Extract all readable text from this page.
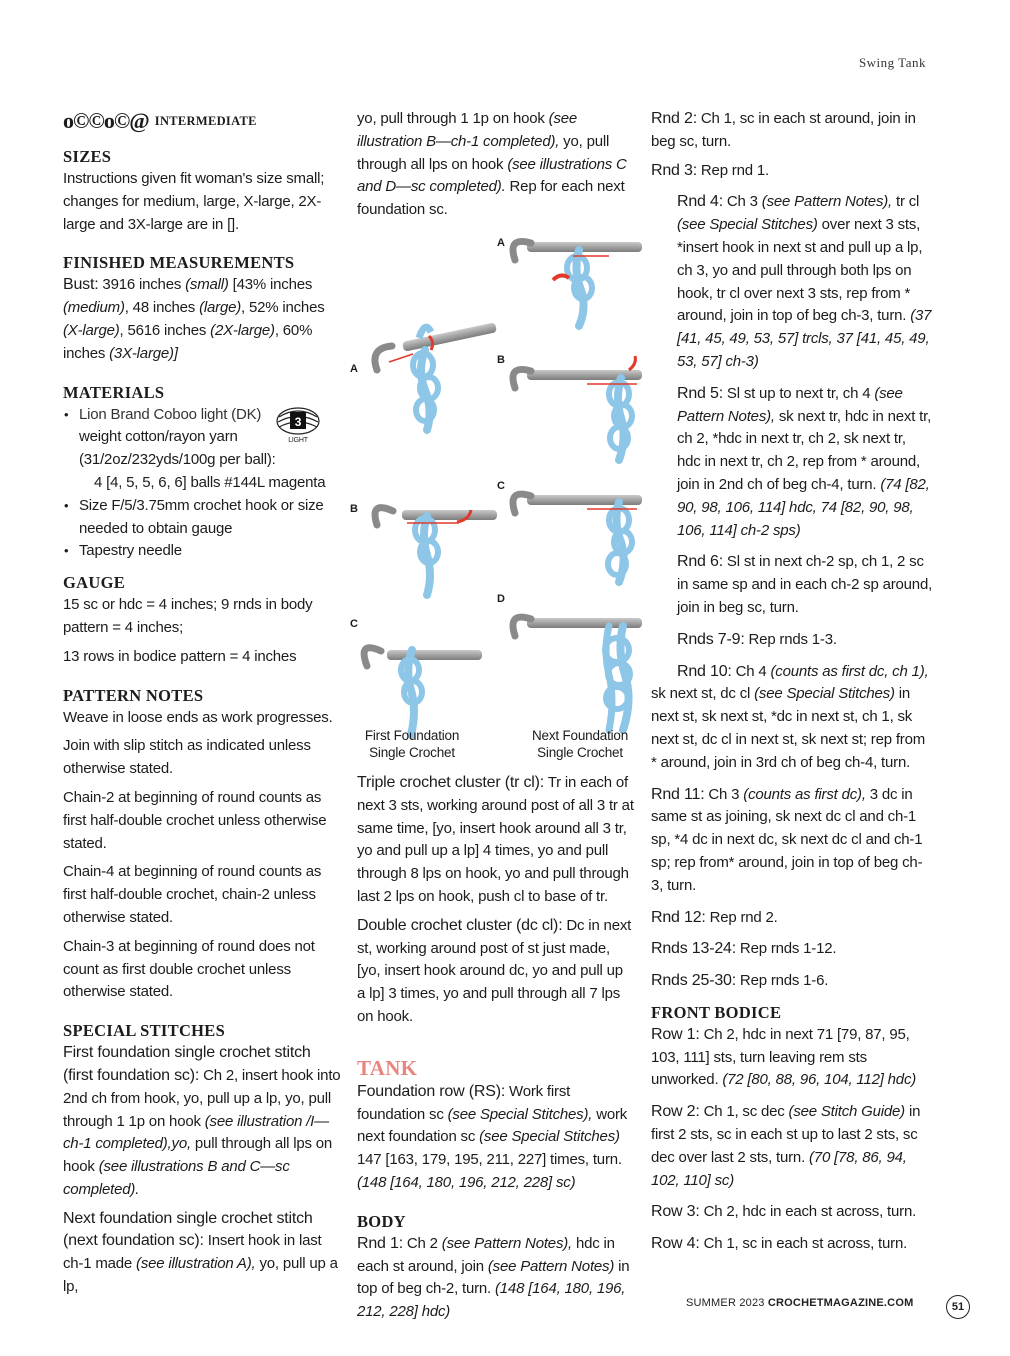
Swing Tank
o©©o©@ INTERMEDIATE
SIZES

Instructions given fit woman's size small; changes for medium, large, X-large, 2X-large and 3X-large are in [].

FINISHED MEASUREMENTS

Bust: 3916 inches (small) [43% inches (medium), 48 inches (large), 52% inches (X-large), 5616 inches (2X-large), 60% inches (3X-large)]

MATERIALS
• Lion Brand Coboo light (DK)
weight cotton/rayon yarn
(31/2oz/232yds/100g per ball):
4 [4, 5, 5, 6, 6] balls #144L magenta
• Size F/5/3.75mm crochet hook or size needed to obtain gauge
• Tapestry needle
3
LIGHT
GAUGE

15 sc or hdc = 4 inches; 9 rnds in body pattern = 4 inches;

13 rows in bodice pattern = 4 inches

PATTERN NOTES

Weave in loose ends as work progresses.

Join with slip stitch as indicated unless otherwise stated.

Chain-2 at beginning of round counts as first half-double crochet unless otherwise stated.

Chain-4 at beginning of round counts as first half-double crochet, chain-2 unless otherwise stated.

Chain-3 at beginning of round does not count as first double crochet unless otherwise stated.

SPECIAL STITCHES

First foundation single crochet stitch (first foundation sc): Ch 2, insert hook into 2nd ch from hook, yo, pull up a lp, yo, pull through 1 1p on hook (see illustration /I—ch-1 completed),yo, pull through all lps on hook (see illustrations B and C—sc completed).

Next foundation single crochet stitch (next foundation sc): Insert hook in last ch-1 made (see illustration A), yo, pull up a lp,

yo, pull through 1 1p on hook (see illustration B—ch-1 completed), yo, pull through all lps on hook (see illustrations C and D—sc completed). Rep for each next foundation sc.

A
B
C
A
B
C
D
First Foundation Single Crochet
Next Foundation Single Crochet

Triple crochet cluster (tr cl): Tr in each of next 3 sts, working around post of all 3 tr at same time, [yo, insert hook around all 3 tr, yo and pull up a lp] 4 times, yo and pull through 8 lps on hook, yo and pull through last 2 lps on hook, push cl to base of tr.

Double crochet cluster (dc cl): Dc in next st, working around post of st just made, [yo, insert hook around dc, yo and pull up a lp] 3 times, yo and pull through all 7 lps on hook.

TANK

Foundation row (RS): Work first foundation sc (see Special Stitches), work next foundation sc (see Special Stitches) 147 [163, 179, 195, 211, 227] times, turn. (148 [164, 180, 196, 212, 228] sc)

BODY

Rnd 1: Ch 2 (see Pattern Notes), hdc in each st around, join (see Pattern Notes) in top of beg ch-2, turn. (148 [164, 180, 196, 212, 228] hdc)

Rnd 2: Ch 1, sc in each st around, join in beg sc, turn.

Rnd 3: Rep rnd 1.

Rnd 4: Ch 3 (see Pattern Notes), tr cl (see Special Stitches) over next 3 sts, *insert hook in next st and pull up a lp, ch 3, yo and pull through both lps on hook, tr cl over next 3 sts, rep from * around, join in top of beg ch-3, turn. (37 [41, 45, 49, 53, 57] trcls, 37 [41, 45, 49, 53, 57] ch-3)

Rnd 5: Sl st up to next tr, ch 4 (see Pattern Notes), sk next tr, hdc in next tr, ch 2, *hdc in next tr, ch 2, sk next tr, hdc in next tr, ch 2, rep from * around, join in 2nd ch of beg ch-4, turn. (74 [82, 90, 98, 106, 114] hdc, 74 [82, 90, 98, 106, 114] ch-2 sps)

Rnd 6: Sl st in next ch-2 sp, ch 1, 2 sc in same sp and in each ch-2 sp around, join in beg sc, turn.

Rnds 7-9: Rep rnds 1-3.

Rnd 10: Ch 4 (counts as first dc, ch 1), sk next st, dc cl (see Special Stitches) in next st, sk next st, *dc in next st, ch 1, sk next st, dc cl in next st, sk next st; rep from * around, join in 3rd ch of beg ch-4, turn.

Rnd 11: Ch 3 (counts as first dc), 3 dc in same st as joining, sk next dc cl and ch-1 sp, *4 dc in next dc, sk next dc cl and ch-1 sp; rep from* around, join in top of beg ch-3, turn.

Rnd 12: Rep rnd 2.

Rnds 13-24: Rep rnds 1-12.

Rnds 25-30: Rep rnds 1-6.

FRONT BODICE

Row 1: Ch 2, hdc in next 71 [79, 87, 95, 103, 111] sts, turn leaving rem sts unworked. (72 [80, 88, 96, 104, 112] hdc)

Row 2: Ch 1, sc dec (see Stitch Guide) in first 2 sts, sc in each st up to last 2 sts, sc dec over last 2 sts, turn. (70 [78, 86, 94, 102, 110] sc)

Row 3: Ch 2, hdc in each st across, turn.

Row 4: Ch 1, sc in each st across, turn.

SUMMER 2023 CROCHETMAGAZINE.COM	51
